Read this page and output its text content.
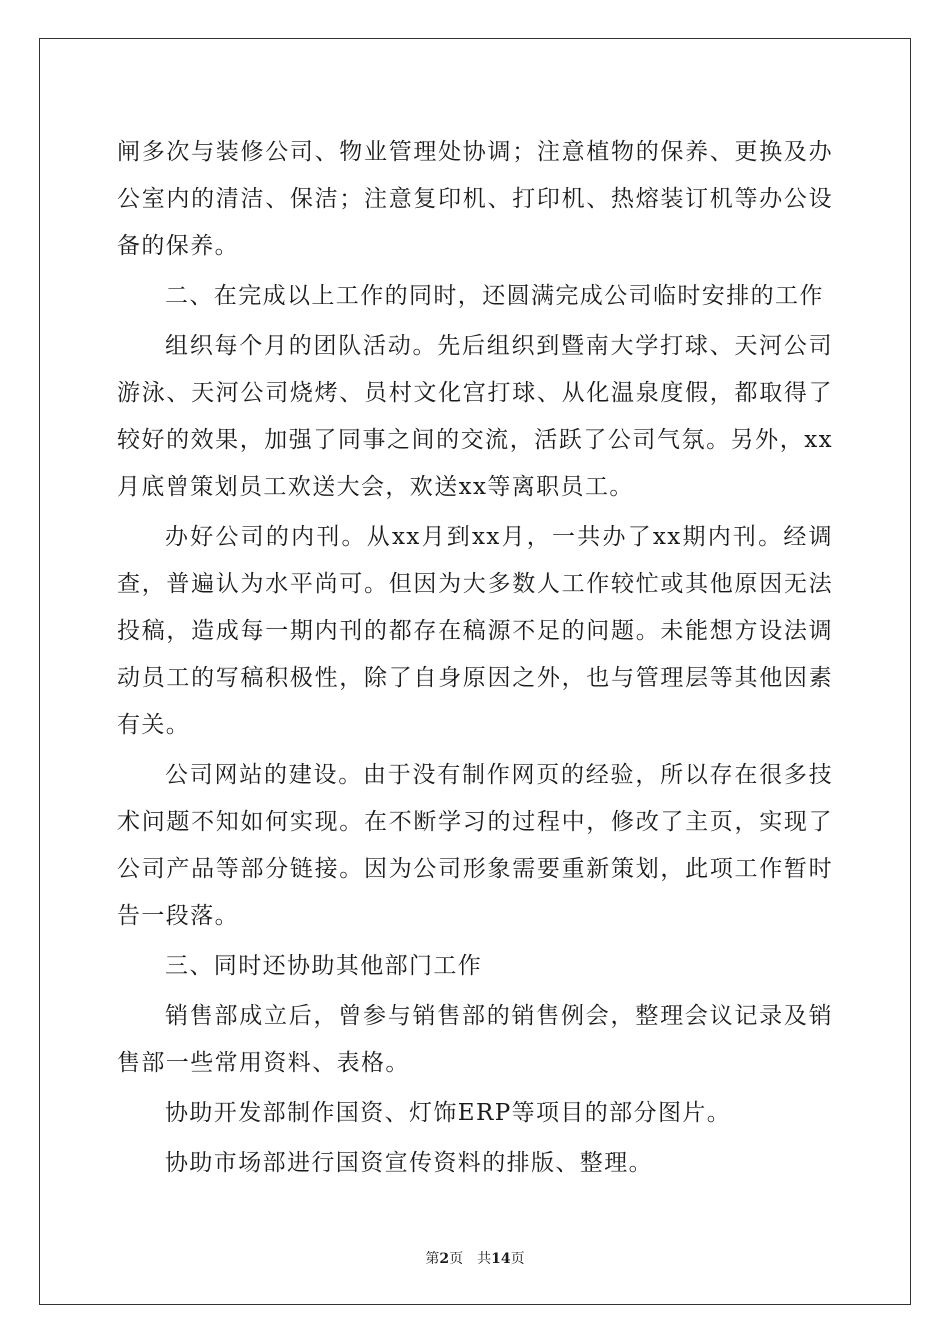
闸多次与装修公司、物业管理处协调；注意植物的保养、更换及办公室内的清洁、保洁；注意复印机、打印机、热熔装订机等办公设备的保养。

二、在完成以上工作的同时，还圆满完成公司临时安排的工作

组织每个月的团队活动。先后组织到暨南大学打球、天河公司游泳、天河公司烧烤、员村文化宫打球、从化温泉度假，都取得了较好的效果，加强了同事之间的交流，活跃了公司气氛。另外，xx月底曾策划员工欢送大会，欢送xx等离职员工。

办好公司的内刊。从xx月到xx月，一共办了xx期内刊。经调查，普遍认为水平尚可。但因为大多数人工作较忙或其他原因无法投稿，造成每一期内刊的都存在稿源不足的问题。未能想方设法调动员工的写稿积极性，除了自身原因之外，也与管理层等其他因素有关。

公司网站的建设。由于没有制作网页的经验，所以存在很多技术问题不知如何实现。在不断学习的过程中，修改了主页，实现了公司产品等部分链接。因为公司形象需要重新策划，此项工作暂时告一段落。

三、同时还协助其他部门工作

销售部成立后，曾参与销售部的销售例会，整理会议记录及销售部一些常用资料、表格。

协助开发部制作国资、灯饰ERP等项目的部分图片。

协助市场部进行国资宣传资料的排版、整理。

第2页 共14页
